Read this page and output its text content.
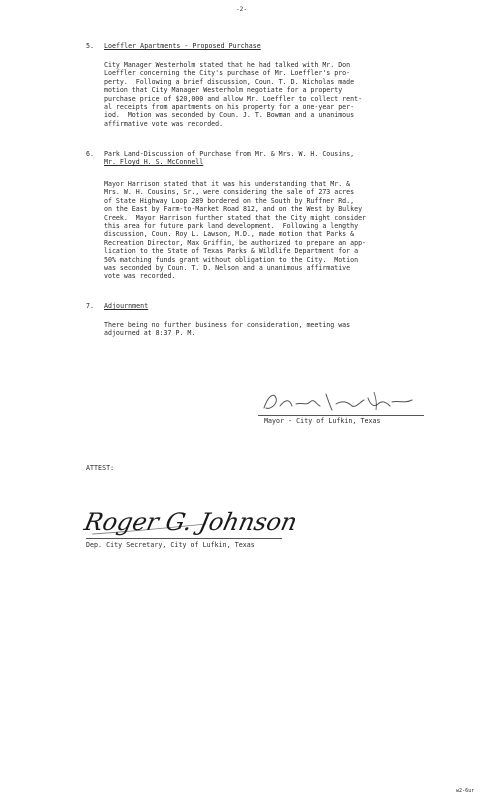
-2-
5. Loeffler Apartments - Proposed Purchase
City Manager Westerholm stated that he had talked with Mr. Don
Loeffler concerning the City's purchase of Mr. Loeffler's pro-
perty.  Following a brief discussion, Coun. T. D. Nicholas made
motion that City Manager Westerholm negotiate for a property
purchase price of $20,000 and allow Mr. Loeffler to collect rent-
al receipts from apartments on his property for a one-year per-
iod.  Motion was seconded by Coun. J. T. Bowman and a unanimous
affirmative vote was recorded.
6. Park Land-Discussion of Purchase from Mr. & Mrs. W. H. Cousins,
Mr. Floyd H. S. McConnell
Mayor Harrison stated that it was his understanding that Mr. &
Mrs. W. H. Cousins, Sr., were considering the sale of 273 acres
of State Highway Loop 289 bordered on the South by Ruffner Rd.,
on the East by Farm-to-Market Road 812, and on the West by Bulkey
Creek.  Mayor Harrison further stated that the City might consider
this area for future park land development.  Following a lengthy
discussion, Coun. Roy L. Lawson, M.D., made motion that Parks &
Recreation Director, Max Griffin, be authorized to prepare an app-
lication to the State of Texas Parks & Wildlife Department for a
50% matching funds grant without obligation to the City.  Motion
was seconded by Coun. T. D. Nelson and a unanimous affirmative
vote was recorded.
7. Adjournment
There being no further business for consideration, meeting was
adjourned at 8:37 P. M.
Mayor - City of Lufkin, Texas
ATTEST:
Roger G. Johnson
Dep. City Secretary, City of Lufkin, Texas
w2-6ur
